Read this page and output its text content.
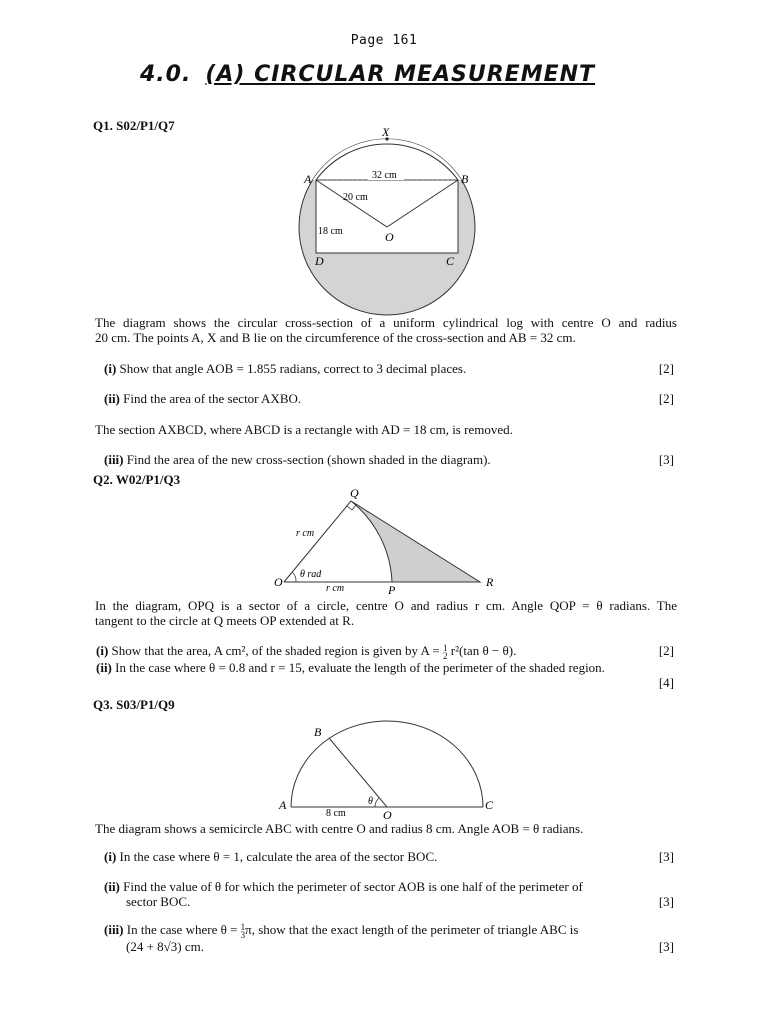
Page 161
4.0. (A) CIRCULAR MEASUREMENT
Q1. S02/P1/Q7	X
A	B
O
D	C
32 cm
20 cm
18 cm
The diagram shows the circular cross-section of a uniform cylindrical log with centre O and radius
20 cm. The points A, X and B lie on the circumference of the cross-section and AB = 32 cm.
(i) Show that angle AOB = 1.855 radians, correct to 3 decimal places.	[2]
(ii) Find the area of the sector AXBO.	[2]
The section AXBCD, where ABCD is a rectangle with AD = 18 cm, is removed.
(iii) Find the area of the new cross-section (shown shaded in the diagram).	[3]
Q2. W02/P1/Q3
Q
O
P
R
r cm
r cm
θ rad
In the diagram, OPQ is a sector of a circle, centre O and radius r cm. Angle QOP = θ radians. The
tangent to the circle at Q meets OP extended at R.
(i) Show that the area, A cm², of the shaded region is given by A = 1
2 r²(tan θ − θ).	[2]
(ii) In the case where θ = 0.8 and r = 15, evaluate the length of the perimeter of the shaded region.
[4]
Q3. S03/P1/Q9
A
B
C
O
8 cm
θ
The diagram shows a semicircle ABC with centre O and radius 8 cm. Angle AOB = θ radians.
(i) In the case where θ = 1, calculate the area of the sector BOC.	[3]
(ii) Find the value of θ for which the perimeter of sector AOB is one half of the perimeter of
sector BOC.	[3]
(iii) In the case where θ = 1
3π, show that the exact length of the perimeter of triangle ABC is
(24 + 8√3) cm.	[3]
